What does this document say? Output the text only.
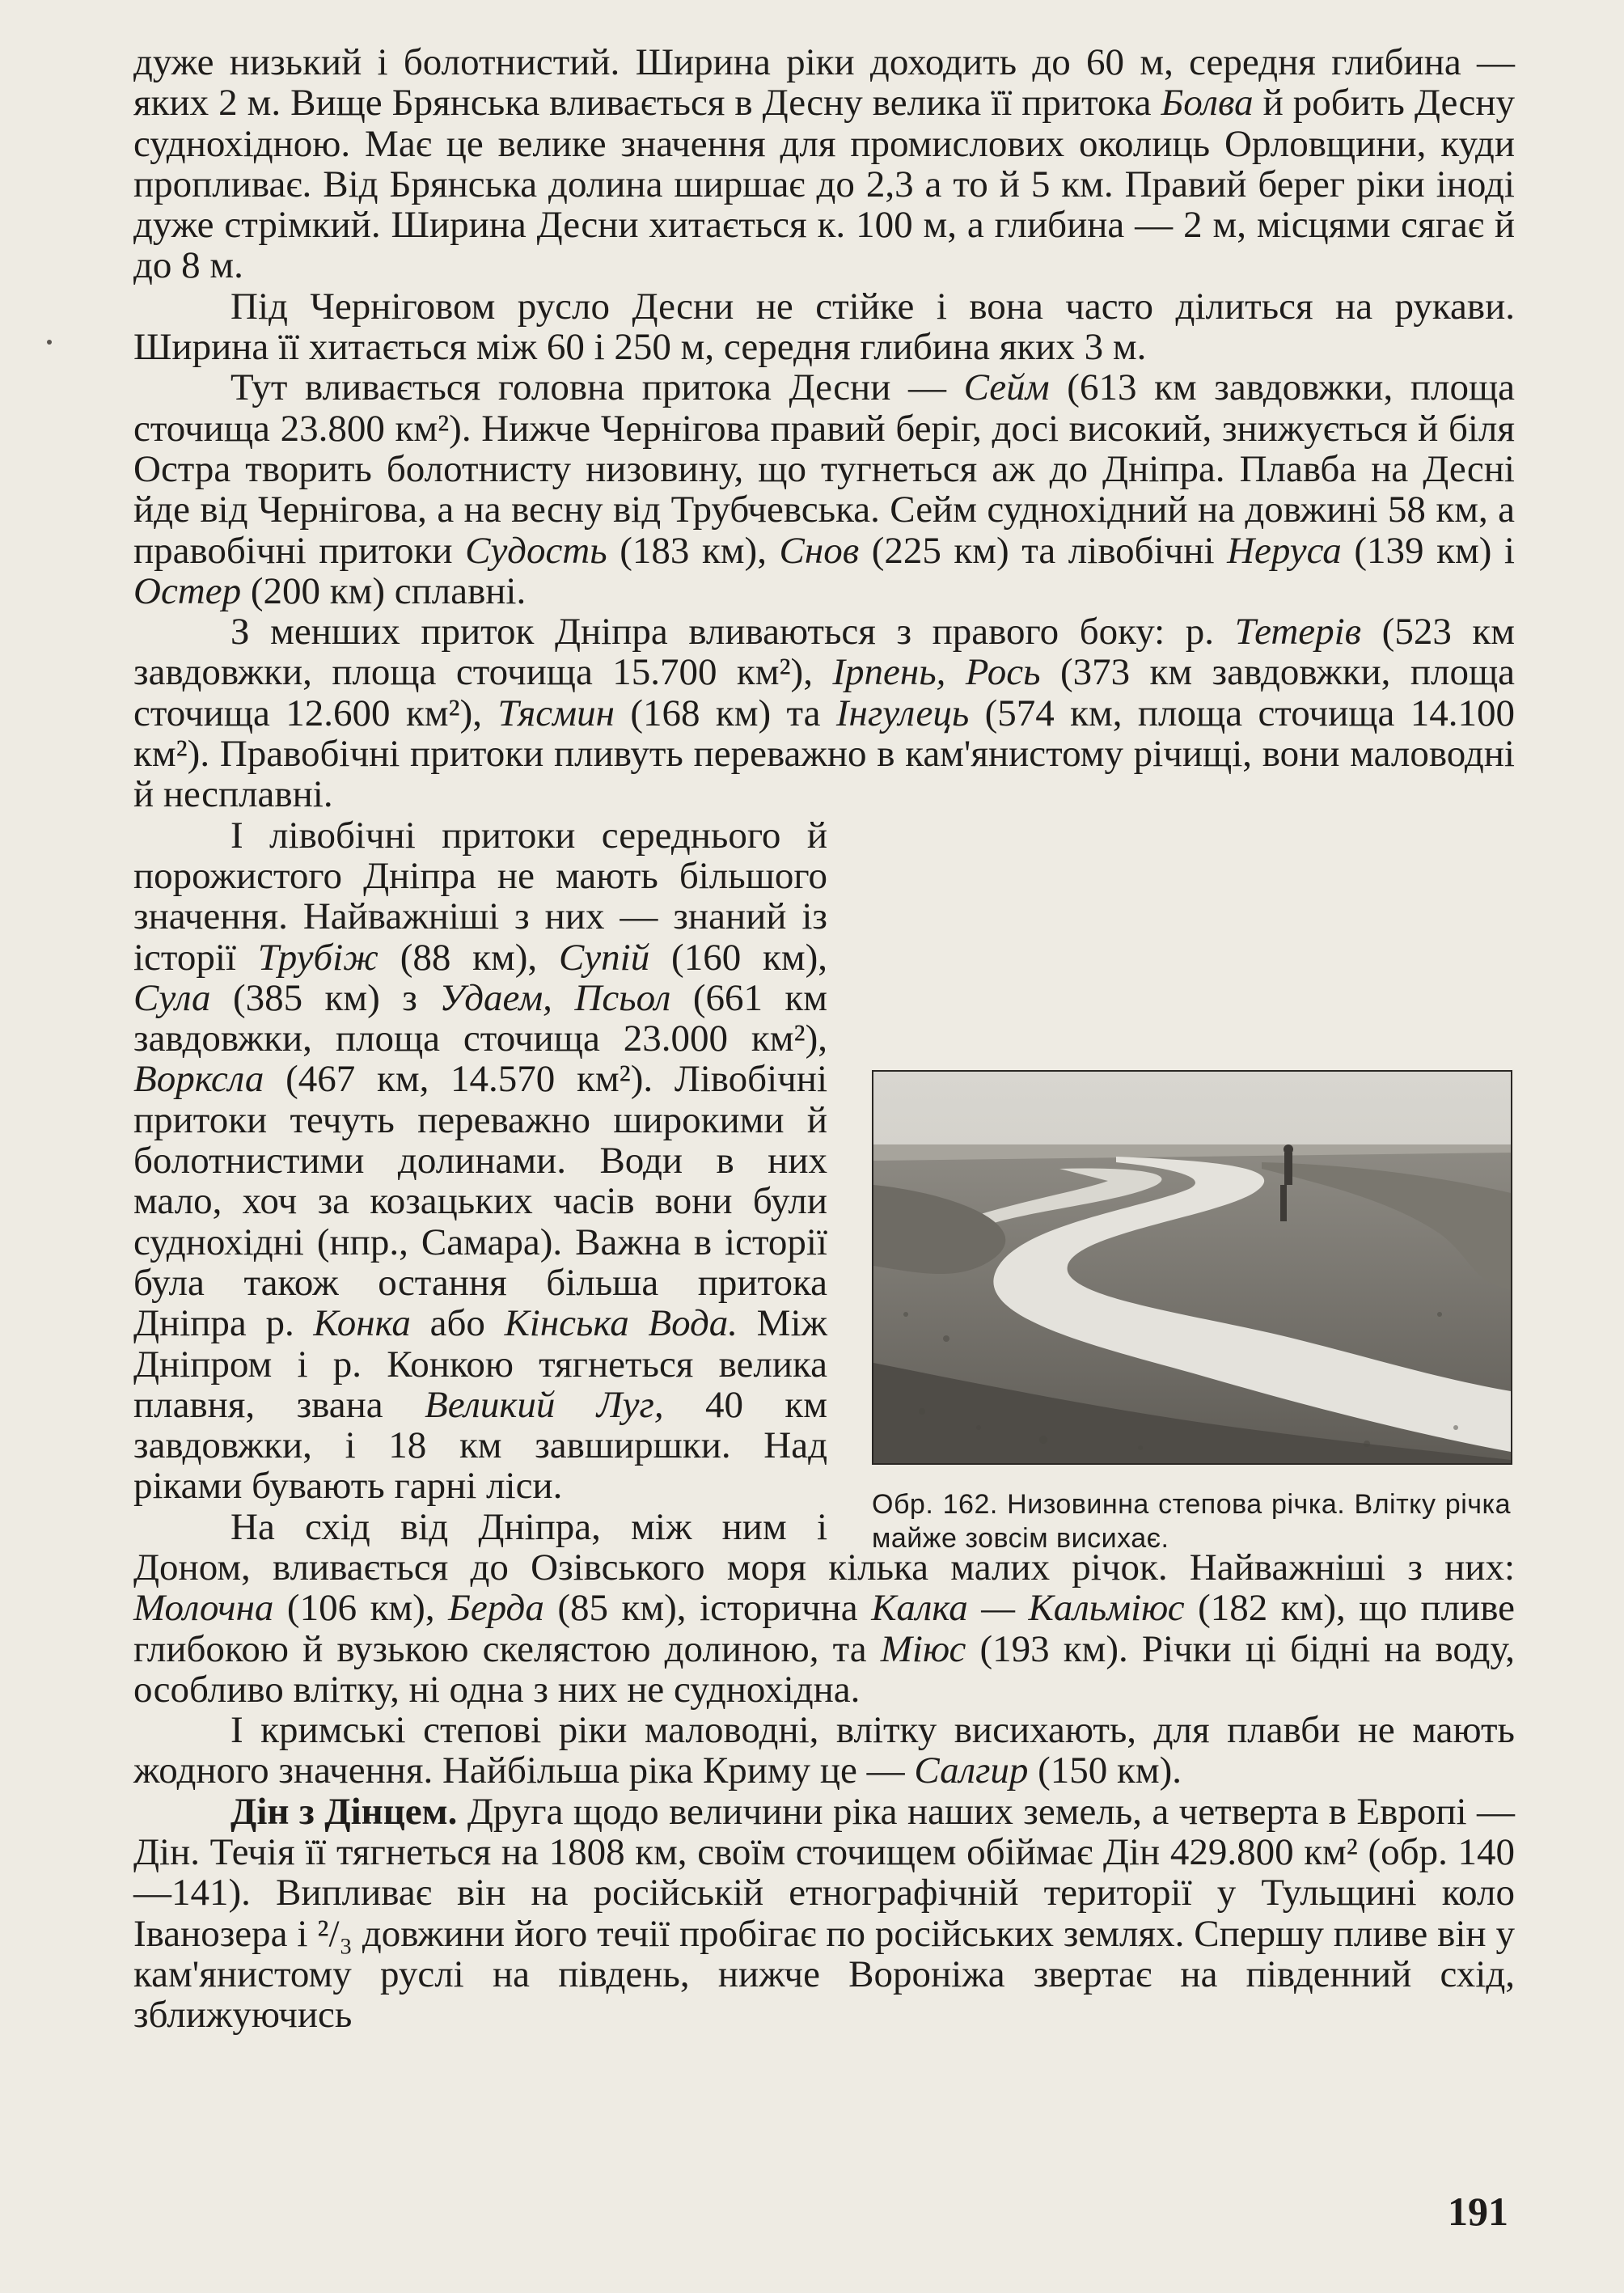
дуже низький і болотнистий. Ширина ріки доходить до 60 м, середня глибина — яких 2 м. Вище Брянська вливається в Десну велика її притока Болва й робить Десну суднохідною. Має це велике значення для промислових околиць Орловщини, куди пропливає. Від Брянська долина ширшає до 2,3 а то й 5 км. Правий берег ріки іноді дуже стрімкий. Ширина Десни хитається к. 100 м, а глибина — 2 м, місцями сягає й до 8 м.

Під Черніговом русло Десни не стійке і вона часто ділиться на рукави. Ширина її хитається між 60 і 250 м, середня глибина яких 3 м.

Тут вливається головна притока Десни — Сейм (613 км завдовжки, площа сточища 23.800 км²). Нижче Чернігова правий беріг, досі високий, знижується й біля Остра творить болотнисту низовину, що тугнеться аж до Дніпра. Плавба на Десні йде від Чернігова, а на весну від Трубчевська. Сейм суднохідний на довжині 58 км, а правобічні притоки Судость (183 км), Снов (225 км) та лівобічні Неруса (139 км) і Остер (200 км) сплавні.

З менших приток Дніпра вливаються з правого боку: р. Тетерів (523 км завдовжки, площа сточища 15.700 км²), Ірпень, Рось (373 км завдовжки, площа сточища 12.600 км²), Тясмин (168 км) та Інгулець (574 км, площа сточища 14.100 км²). Правобічні притоки пливуть переважно в кам'янистому річищі, вони маловодні й несплавні.

І лівобічні притоки середнього й порожистого Дніпра не мають більшого значення. Найважніші з них — знаний із історії Трубіж (88 км), Супій (160 км), Сула (385 км) з Удаем, Псьол (661 км завдовжки, площа сточища 23.000 км²), Ворксла (467 км, 14.570 км²). Лівобічні притоки течуть переважно широкими й болотнистими долинами. Води в них мало, хоч за козацьких часів вони були суднохідні (нпр., Самара). Важна в історії була також остання більша притока Дніпра р. Конка або Кінська Вода. Між Дніпром і р. Конкою тягнеться велика плавня, звана Великий Луг, 40 км завдовжки, і 18 км завширшки. Над ріками бувають гарні ліси.

На схід від Дніпра, між ним і Доном, вливається до Озівського моря кілька малих річок. Найважніші з них: Молочна (106 км), Берда (85 км), історична Калка — Кальміюс (182 км), що пливе глибокою й вузькою скелястою долиною, та Міюс (193 км). Річки ці бідні на воду, особливо влітку, ні одна з них не суднохідна.

І кримські степові ріки маловодні, влітку висихають, для плавби не мають жодного значення. Найбільша ріка Криму це — Салгир (150 км).

Дін з Дінцем. Друга щодо величини ріка наших земель, а четверта в Европі — Дін. Течія її тягнеться на 1808 км, своїм сточищем обіймає Дін 429.800 км² (обр. 140—141). Випливає він на російській етнографічній території у Тульщині коло Іванозера і ²/₃ довжини його течії пробігає по російських землях. Спершу пливе він у кам'янистому руслі на південь, нижче Вороніжа звертає на південний схід, зближуючись

Обр. 162. Низовинна степова річка. Влітку річка майже зовсім висихає.
191
